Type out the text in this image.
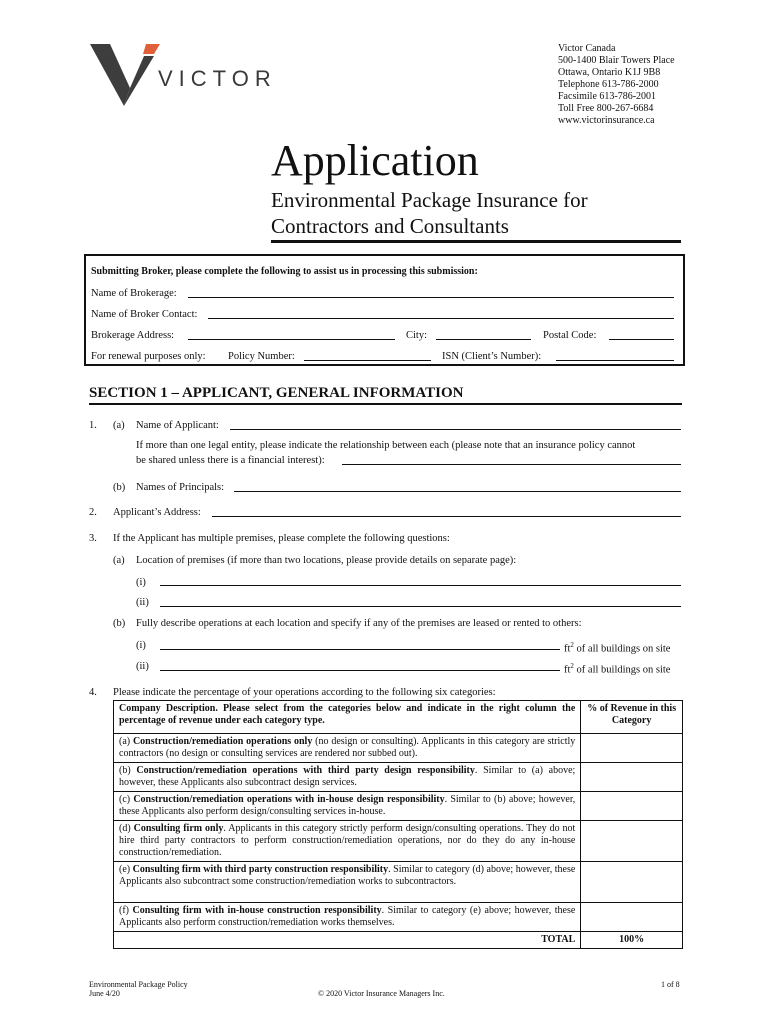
VICTOR
Victor Canada
500-1400 Blair Towers Place
Ottawa, Ontario K1J 9B8
Telephone 613-786-2000
Facsimile 613-786-2001
Toll Free 800-267-6684
www.victorinsurance.ca
Application
Environmental Package Insurance for
Contractors and Consultants
Submitting Broker, please complete the following to assist us in processing this submission:
Name of Brokerage:
Name of Broker Contact:
Brokerage Address:	City:	Postal Code:
For renewal purposes only: Policy Number:	ISN (Client’s Number):
SECTION 1 – APPLICANT, GENERAL INFORMATION
1. (a) Name of Applicant:
If more than one legal entity, please indicate the relationship between each (please note that an insurance policy cannot
be shared unless there is a financial interest):
(b) Names of Principals:
2. Applicant’s Address:
3. If the Applicant has multiple premises, please complete the following questions:
(a) Location of premises (if more than two locations, please provide details on separate page):
(i)
(ii)
(b) Fully describe operations at each location and specify if any of the premises are leased or rented to others:
(i)	$ft^2$ of all buildings on site
(ii)	$ft^2$ of all buildings on site
4. Please indicate the percentage of your operations according to the following six categories:
Company Description. Please select from the categories below and indicate in the right column the percentage of revenue under each category type.	% of Revenue in this Category
(a) Construction/remediation operations only (no design or consulting). Applicants in this category are strictly contractors (no design or consulting services are rendered nor subbed out).	
(b) Construction/remediation operations with third party design responsibility. Similar to (a) above; however, these Applicants also subcontract design services.	
(c) Construction/remediation operations with in-house design responsibility. Similar to (b) above; however, these Applicants also perform design/consulting services in-house.	
(d) Consulting firm only. Applicants in this category strictly perform design/consulting operations. They do not hire third party contractors to perform construction/remediation operations, nor do they do any in-house construction/remediation.	
(e) Consulting firm with third party construction responsibility. Similar to category (d) above; however, these Applicants also subcontract some construction/remediation works to subcontractors.	
(f) Consulting firm with in-house construction responsibility. Similar to category (e) above; however, these Applicants also perform construction/remediation works themselves.	
TOTAL	100%
Environmental Package Policy
June 4/20	© 2020 Victor Insurance Managers Inc.
1 of 8
